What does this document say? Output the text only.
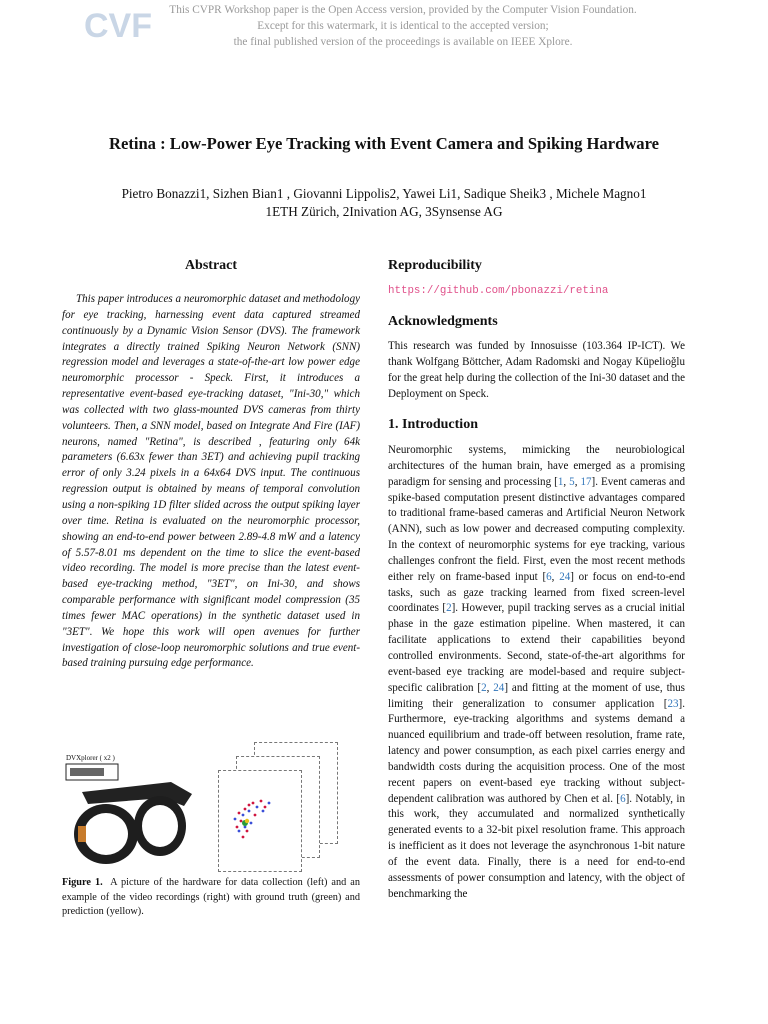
CVF	This CVPR Workshop paper is the Open Access version, provided by the Computer Vision Foundation.
Except for this watermark, it is identical to the accepted version;
the final published version of the proceedings is available on IEEE Xplore.
Retina : Low-Power Eye Tracking with Event Camera and Spiking Hardware
Pietro Bonazzi1, Sizhen Bian1 , Giovanni Lippolis2, Yawei Li1, Sadique Sheik3 , Michele Magno1
1ETH Zürich, 2Inivation AG, 3Synsense AG
Abstract

This paper introduces a neuromorphic dataset and methodology for eye tracking, harnessing event data captured streamed continuously by a Dynamic Vision Sensor (DVS). The framework integrates a directly trained Spiking Neuron Network (SNN) regression model and leverages a state-of-the-art low power edge neuromorphic processor - Speck. First, it introduces a representative event-based eye-tracking dataset, "Ini-30," which was collected with two glass-mounted DVS cameras from thirty volunteers. Then, a SNN model, based on Integrate And Fire (IAF) neurons, named "Retina", is described , featuring only 64k parameters (6.63x fewer than 3ET) and achieving pupil tracking error of only 3.24 pixels in a 64x64 DVS input. The continuous regression output is obtained by means of temporal convolution using a non-spiking 1D filter slided across the output spiking layer over time. Retina is evaluated on the neuromorphic processor, showing an end-to-end power between 2.89-4.8 mW and a latency of 5.57-8.01 ms dependent on the time to slice the event-based video recording. The model is more precise than the latest event-based eye-tracking method, "3ET", on Ini-30, and shows comparable performance with significant model compression (35 times fewer MAC operations) in the synthetic dataset used in "3ET". We hope this work will open avenues for further investigation of close-loop neuromorphic solutions and true event-based training pursuing edge performance.

DVXplorer ( x2 )

Figure 1. A picture of the hardware for data collection (left) and an example of the video recordings (right) with ground truth (green) and prediction (yellow).

Reproducibility
https://github.com/pbonazzi/retina
Acknowledgments

This research was funded by Innosuisse (103.364 IP-ICT). We thank Wolfgang Böttcher, Adam Radomski and Nogay Küpelioğlu for the great help during the collection of the Ini-30 dataset and the Deployment on Speck.

1. Introduction

Neuromorphic systems, mimicking the neurobiological architectures of the human brain, have emerged as a promising paradigm for sensing and processing [1, 5, 17]. Event cameras and spike-based computation present distinctive advantages compared to traditional frame-based cameras and Artificial Neuron Network (ANN), such as low power and decreased computing complexity. In the context of neuromorphic systems for eye tracking, various challenges confront the field. First, even the most recent methods either rely on frame-based input [6, 24] or focus on end-to-end tasks, such as gaze tracking learned from fixed screen-level coordinates [2]. However, pupil tracking serves as a crucial initial phase in the gaze estimation pipeline. When mastered, it can facilitate applications to extend their capabilities beyond controlled environments. Second, state-of-the-art algorithms for event-based eye tracking are model-based and require subject-specific calibration [2, 24] and fitting at the moment of use, thus limiting their generalization to consumer application [23]. Furthermore, eye-tracking algorithms and systems demand a nuanced equilibrium and trade-off between resolution, frame rate, latency and power consumption, as each pixel carries energy and bandwidth costs during the acquisition process. One of the most recent papers on event-based eye tracking without subject-dependent calibration was authored by Chen et al. [6]. Notably, in this work, they accumulated and normalized synthetically generated events to a 32-bit pixel resolution frame. This approach is inefficient as it does not leverage the asynchronous 1-bit nature of the event data. Finally, there is a need for end-to-end assessments of power consumption and latency, with the object of benchmarking the
